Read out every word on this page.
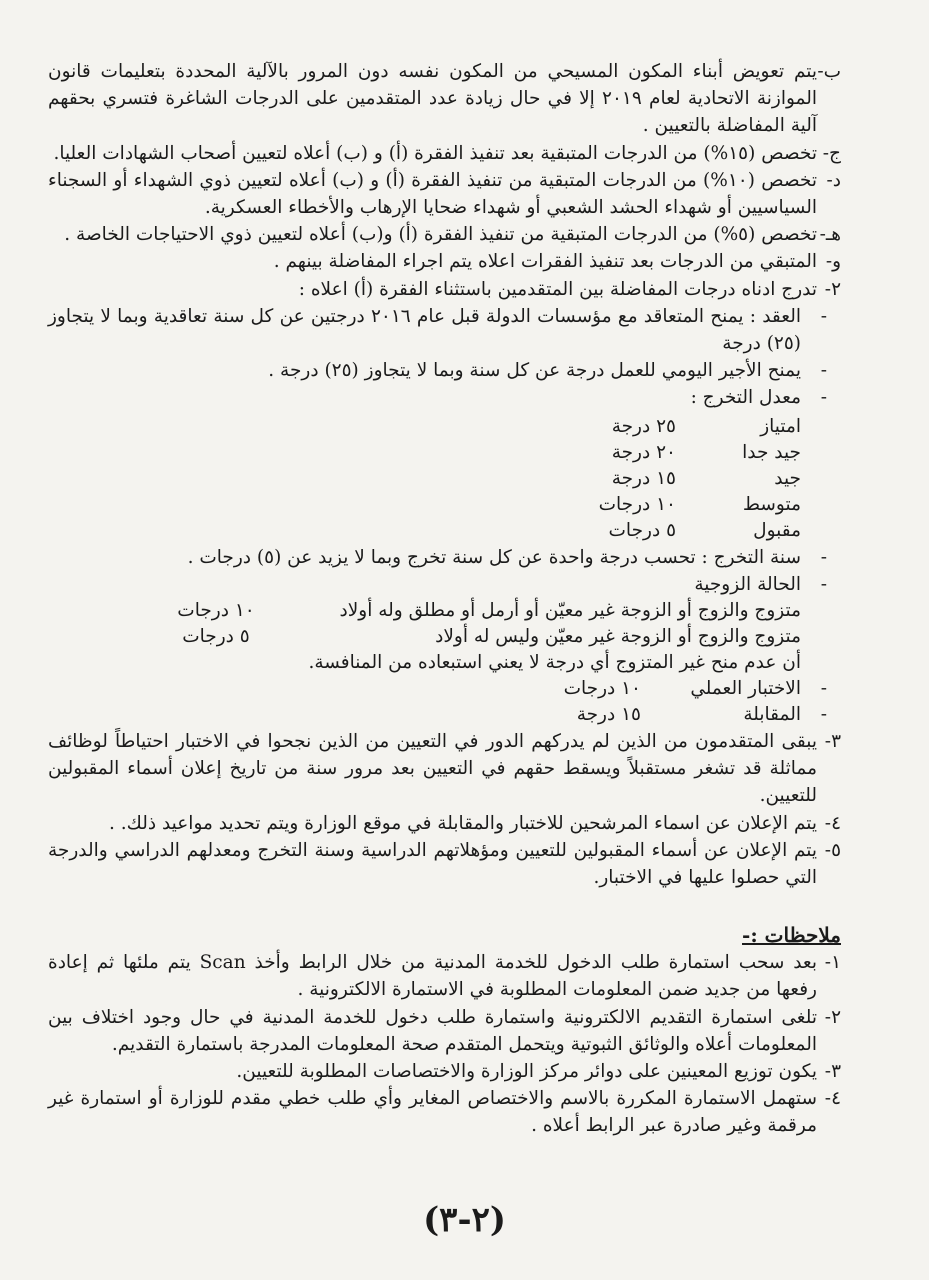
ب-
يتم تعويض أبناء المكون المسيحي من المكون نفسه دون المرور بالآلية المحددة بتعليمات قانون الموازنة الاتحادية لعام ٢٠١٩ إلا في حال زيادة عدد المتقدمين على الدرجات الشاغرة فتسري بحقهم آلية المفاضلة بالتعيين .

ج-
تخصص (١٥%) من الدرجات المتبقية بعد تنفيذ الفقرة (أ) و (ب) أعلاه لتعيين أصحاب الشهادات العليا.

د-
تخصص (١٠%) من الدرجات المتبقية من تنفيذ الفقرة (أ) و (ب) أعلاه لتعيين ذوي الشهداء أو السجناء السياسيين أو شهداء الحشد الشعبي أو شهداء ضحايا الإرهاب والأخطاء العسكرية.

هـ-
تخصص (٥%) من الدرجات المتبقية من تنفيذ الفقرة (أ) و(ب) أعلاه لتعيين ذوي الاحتياجات الخاصة .

و-
المتبقي من الدرجات بعد تنفيذ الفقرات اعلاه يتم اجراء المفاضلة بينهم .

٢-
تدرج ادناه درجات المفاضلة بين المتقدمين باستثناء الفقرة (أ) اعلاه :

-
العقد : يمنح المتعاقد مع مؤسسات الدولة قبل عام ٢٠١٦ درجتين عن كل سنة تعاقدية وبما لا يتجاوز (٢٥) درجة

-
يمنح الأجير اليومي للعمل درجة عن كل سنة وبما لا يتجاوز (٢٥) درجة .

-
معدل التخرج :

امتياز
٢٥ درجة
جيد جدا
٢٠ درجة
جيد
١٥ درجة
متوسط
١٠ درجات
مقبول
٥ درجات

-
سنة التخرج : تحسب درجة واحدة عن كل سنة تخرج وبما لا يزيد عن (٥) درجات .

-
الحالة الزوجية

متزوج والزوج أو الزوجة غير معيّن أو أرمل أو مطلق وله أولاد
١٠ درجات
متزوج والزوج أو الزوجة غير معيّن وليس له أولاد
٥ درجات
أن عدم منح غير المتزوج أي درجة لا يعني استبعاده من المنافسة.
-
الاختبار العملي
١٠ درجات
-
المقابلة
١٥ درجة

٣-
يبقى المتقدمون من الذين لم يدركهم الدور في التعيين من الذين نجحوا في الاختبار احتياطاً لوظائف مماثلة قد تشغر مستقبلاً ويسقط حقهم في التعيين بعد مرور سنة من تاريخ إعلان أسماء المقبولين للتعيين.

٤-
يتم الإعلان عن اسماء المرشحين للاختبار والمقابلة في موقع الوزارة ويتم تحديد مواعيد ذلك. .

٥-
يتم الإعلان عن أسماء المقبولين للتعيين ومؤهلاتهم الدراسية وسنة التخرج ومعدلهم الدراسي والدرجة التي حصلوا عليها في الاختبار.

ملاحظات :-

١-
بعد سحب استمارة طلب الدخول للخدمة المدنية من خلال الرابط وأخذ Scan يتم ملئها ثم إعادة رفعها من جديد ضمن المعلومات المطلوبة في الاستمارة الالكترونية .

٢-
تلغى استمارة التقديم الالكترونية واستمارة طلب دخول للخدمة المدنية في حال وجود اختلاف بين المعلومات أعلاه والوثائق الثبوتية ويتحمل المتقدم صحة المعلومات المدرجة باستمارة التقديم.

٣-
يكون توزيع المعينين على دوائر مركز الوزارة والاختصاصات المطلوبة للتعيين.

٤-
ستهمل الاستمارة المكررة بالاسم والاختصاص المغاير وأي طلب خطي مقدم للوزارة أو استمارة غير مرقمة وغير صادرة عبر الرابط أعلاه .

(٢-٣)
